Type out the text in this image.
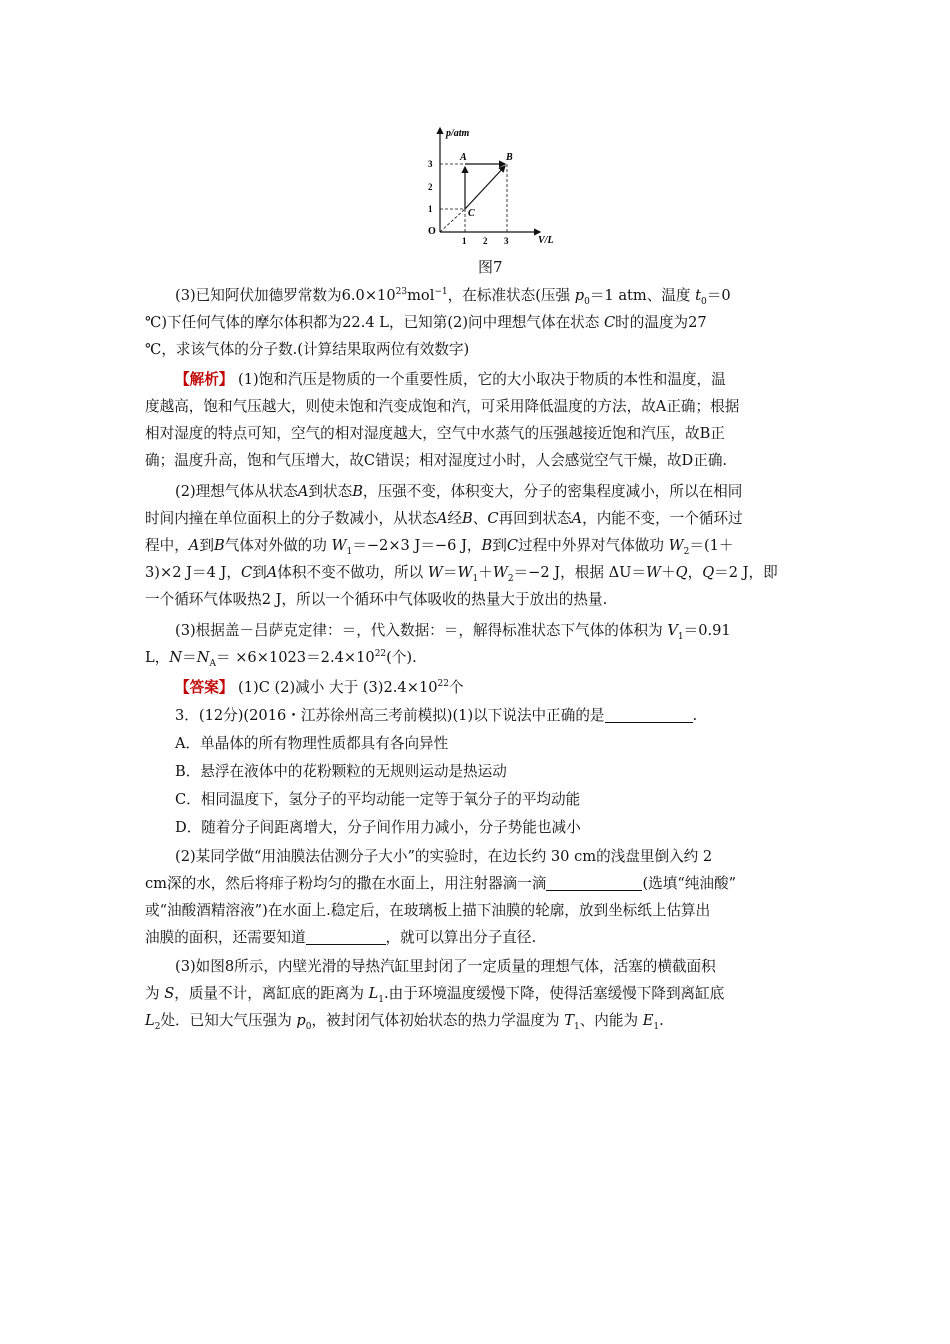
p/atm
V/L
O
1
2
3
1 2 3
A	B
C
图7
(3)已知阿伏加德罗常数为$6.0\times 10^{23}mol^{-1}$，在标准状态(压强 $p_0=1$ atm、温度 $t_0=0$
℃)下任何气体的摩尔体积都为22.4 L，已知第(2)问中理想气体在状态 C时的温度为27
℃，求该气体的分子数.(计算结果取两位有效数字)
【解析】 (1)饱和汽压是物质的一个重要性质，它的大小取决于物质的本性和温度，温
度越高，饱和气压越大，则使未饱和汽变成饱和汽，可采用降低温度的方法，故A正确；根据
相对湿度的特点可知，空气的相对湿度越大，空气中水蒸气的压强越接近饱和汽压，故B正
确；温度升高，饱和气压增大，故C错误；相对湿度过小时，人会感觉空气干燥，故D正确.
(2)理想气体从状态A到状态B，压强不变，体积变大，分子的密集程度减小，所以在相同
时间内撞在单位面积上的分子数减小，从状态A经B、C再回到状态A，内能不变，一个循环过
程中，A到B气体对外做的功 $W_1=-2\times 3$ J＝−6 J，B到C过程中外界对气体做功 $W_2=(1+$
3)×2 J＝4 J，C到A体积不变不做功，所以 $W=W_1+W_2=-2$ J，根据 ΔU＝W＋Q，Q＝2 J，即
一个循环气体吸热2 J，所以一个循环中气体吸收的热量大于放出的热量.
(3)根据盖－吕萨克定律：＝，代入数据：＝，解得标准状态下气体的体积为 $V_1=0.91$
L，$N=N_A= \times 6\times 1023=2.4\times 10^{22}$(个).
【答案】 (1)C (2)减小 大于 $(3)2.4\times 10^{22}$个
3．(12分)(2016・江苏徐州高三考前模拟)(1)以下说法中正确的是	.
A．单晶体的所有物理性质都具有各向异性
B．悬浮在液体中的花粉颗粒的无规则运动是热运动
C．相同温度下，氢分子的平均动能一定等于氧分子的平均动能
D．随着分子间距离增大，分子间作用力减小，分子势能也减小
(2)某同学做“用油膜法估测分子大小”的实验时，在边长约 30 cm的浅盘里倒入约 2
cm深的水，然后将痱子粉均匀的撒在水面上，用注射器滴一滴	(选填“纯油酸”
或“油酸酒精溶液”)在水面上.稳定后，在玻璃板上描下油膜的轮廓，放到坐标纸上估算出
油膜的面积，还需要知道	，就可以算出分子直径.
(3)如图8所示，内壁光滑的导热汽缸里封闭了一定质量的理想气体，活塞的横截面积
为 S，质量不计，离缸底的距离为 $L_1$.由于环境温度缓慢下降，使得活塞缓慢下降到离缸底
$L_2$处．已知大气压强为 $p_0$，被封闭气体初始状态的热力学温度为 $T_1$、内能为 $E_1$.
